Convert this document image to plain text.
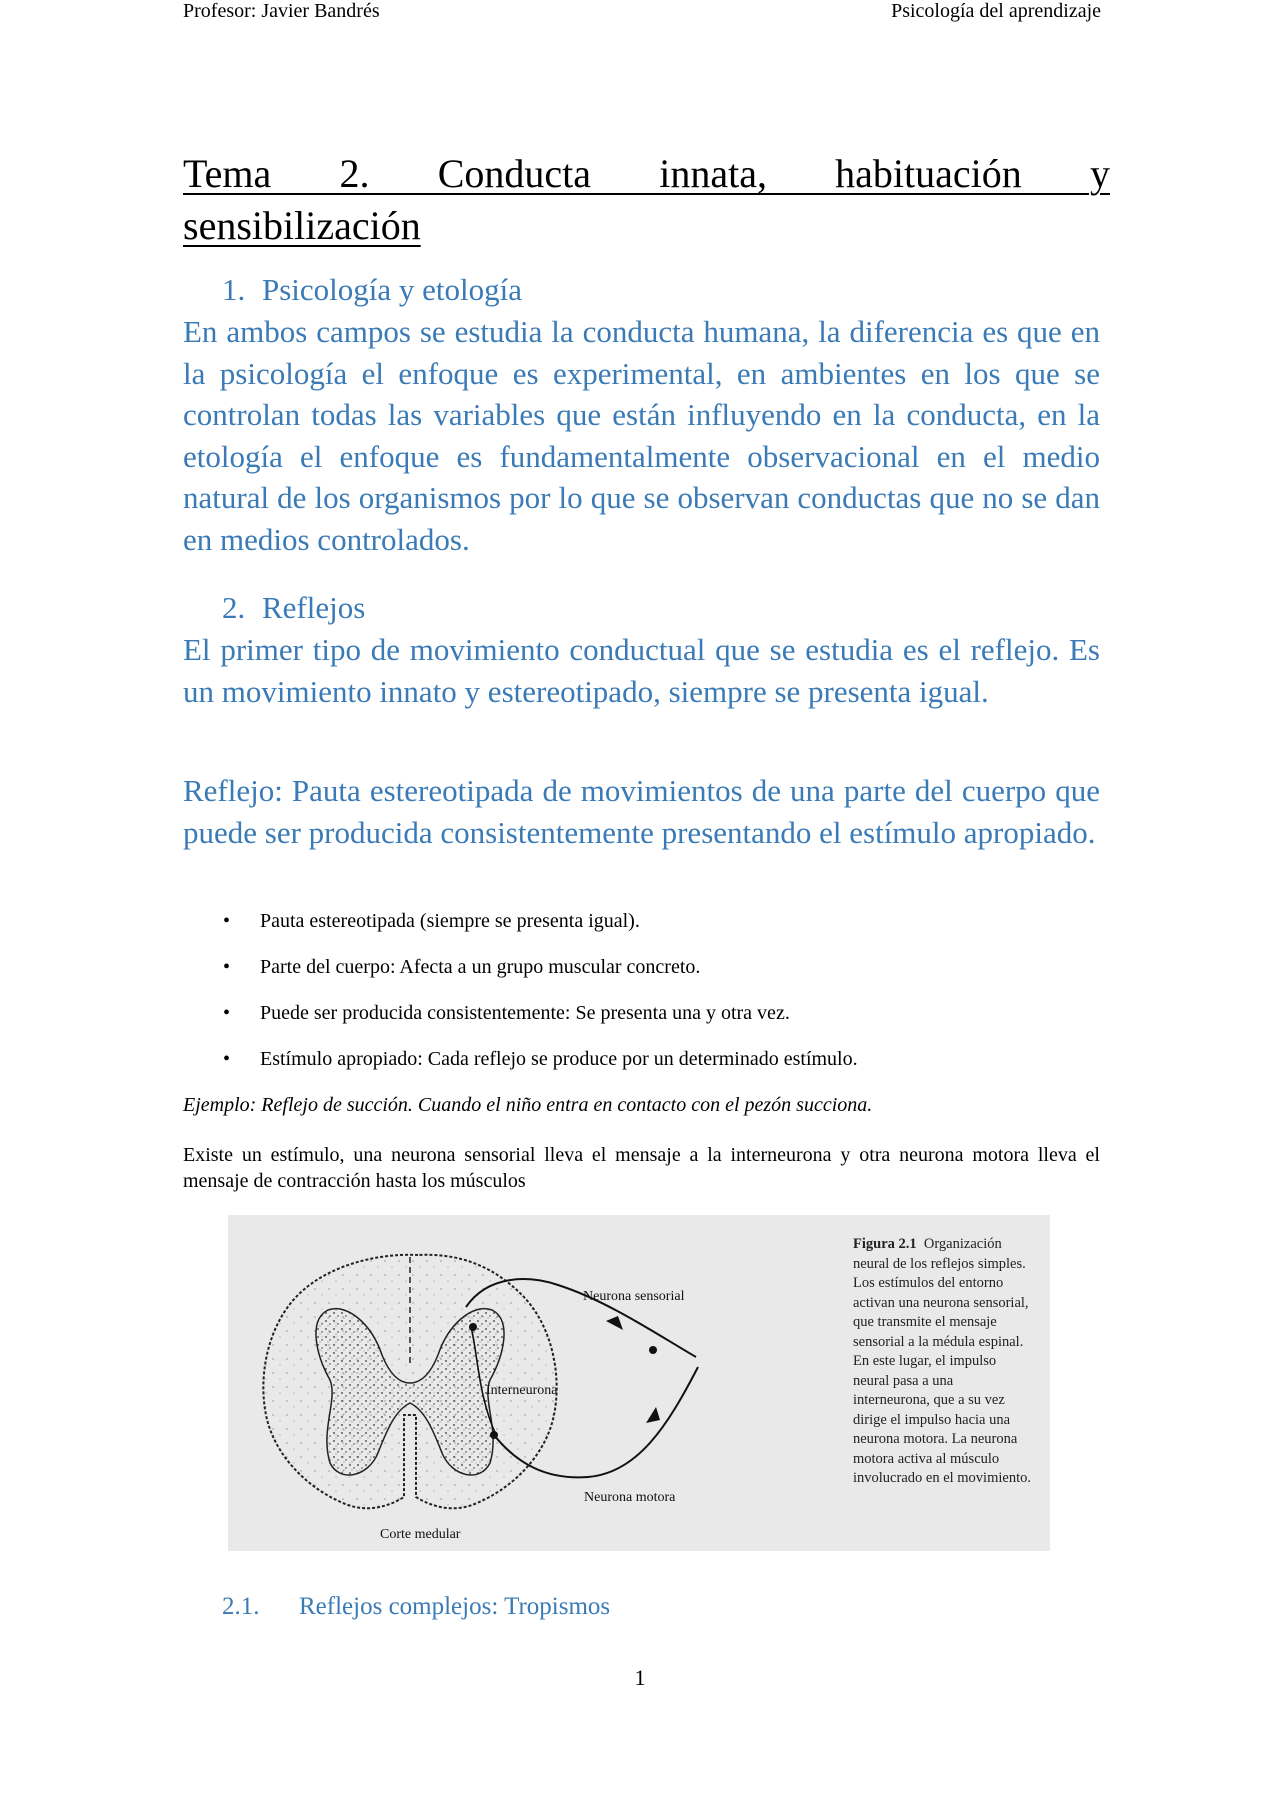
Profesor: Javier Bandrés	Psicología del aprendizaje
Tema 2. Conducta innata, habituación y
sensibilización
1. Psicología y etología

En ambos campos se estudia la conducta humana, la diferencia es que en la psicología el enfoque es experimental, en ambientes en los que se controlan todas las variables que están influyendo en la conducta, en la etología el enfoque es fundamentalmente observacional en el medio natural de los organismos por lo que se observan conductas que no se dan en medios controlados.

2. Reflejos

El primer tipo de movimiento conductual que se estudia es el reflejo. Es un movimiento innato y estereotipado, siempre se presenta igual.

Reflejo: Pauta estereotipada de movimientos de una parte del cuerpo que puede ser producida consistentemente presentando el estímulo apropiado.

• Pauta estereotipada (siempre se presenta igual).
• Parte del cuerpo: Afecta a un grupo muscular concreto.
• Puede ser producida consistentemente: Se presenta una y otra vez.
• Estímulo apropiado: Cada reflejo se produce por un determinado estímulo.

Ejemplo: Reflejo de succión. Cuando el niño entra en contacto con el pezón succiona.

Existe un estímulo, una neurona sensorial lleva el mensaje a la interneurona y otra neurona motora lleva el mensaje de contracción hasta los músculos

Neurona sensorial
Interneurona
Neurona motora
Corte medular
Figura 2.1 Organización neural de los reflejos simples. Los estímulos del entorno activan una neurona sensorial, que transmite el mensaje sensorial a la médula espinal. En este lugar, el impulso neural pasa a una interneurona, que a su vez dirige el impulso hacia una neurona motora. La neurona motora activa al músculo involucrado en el movimiento.
2.1. Reflejos complejos: Tropismos
1
